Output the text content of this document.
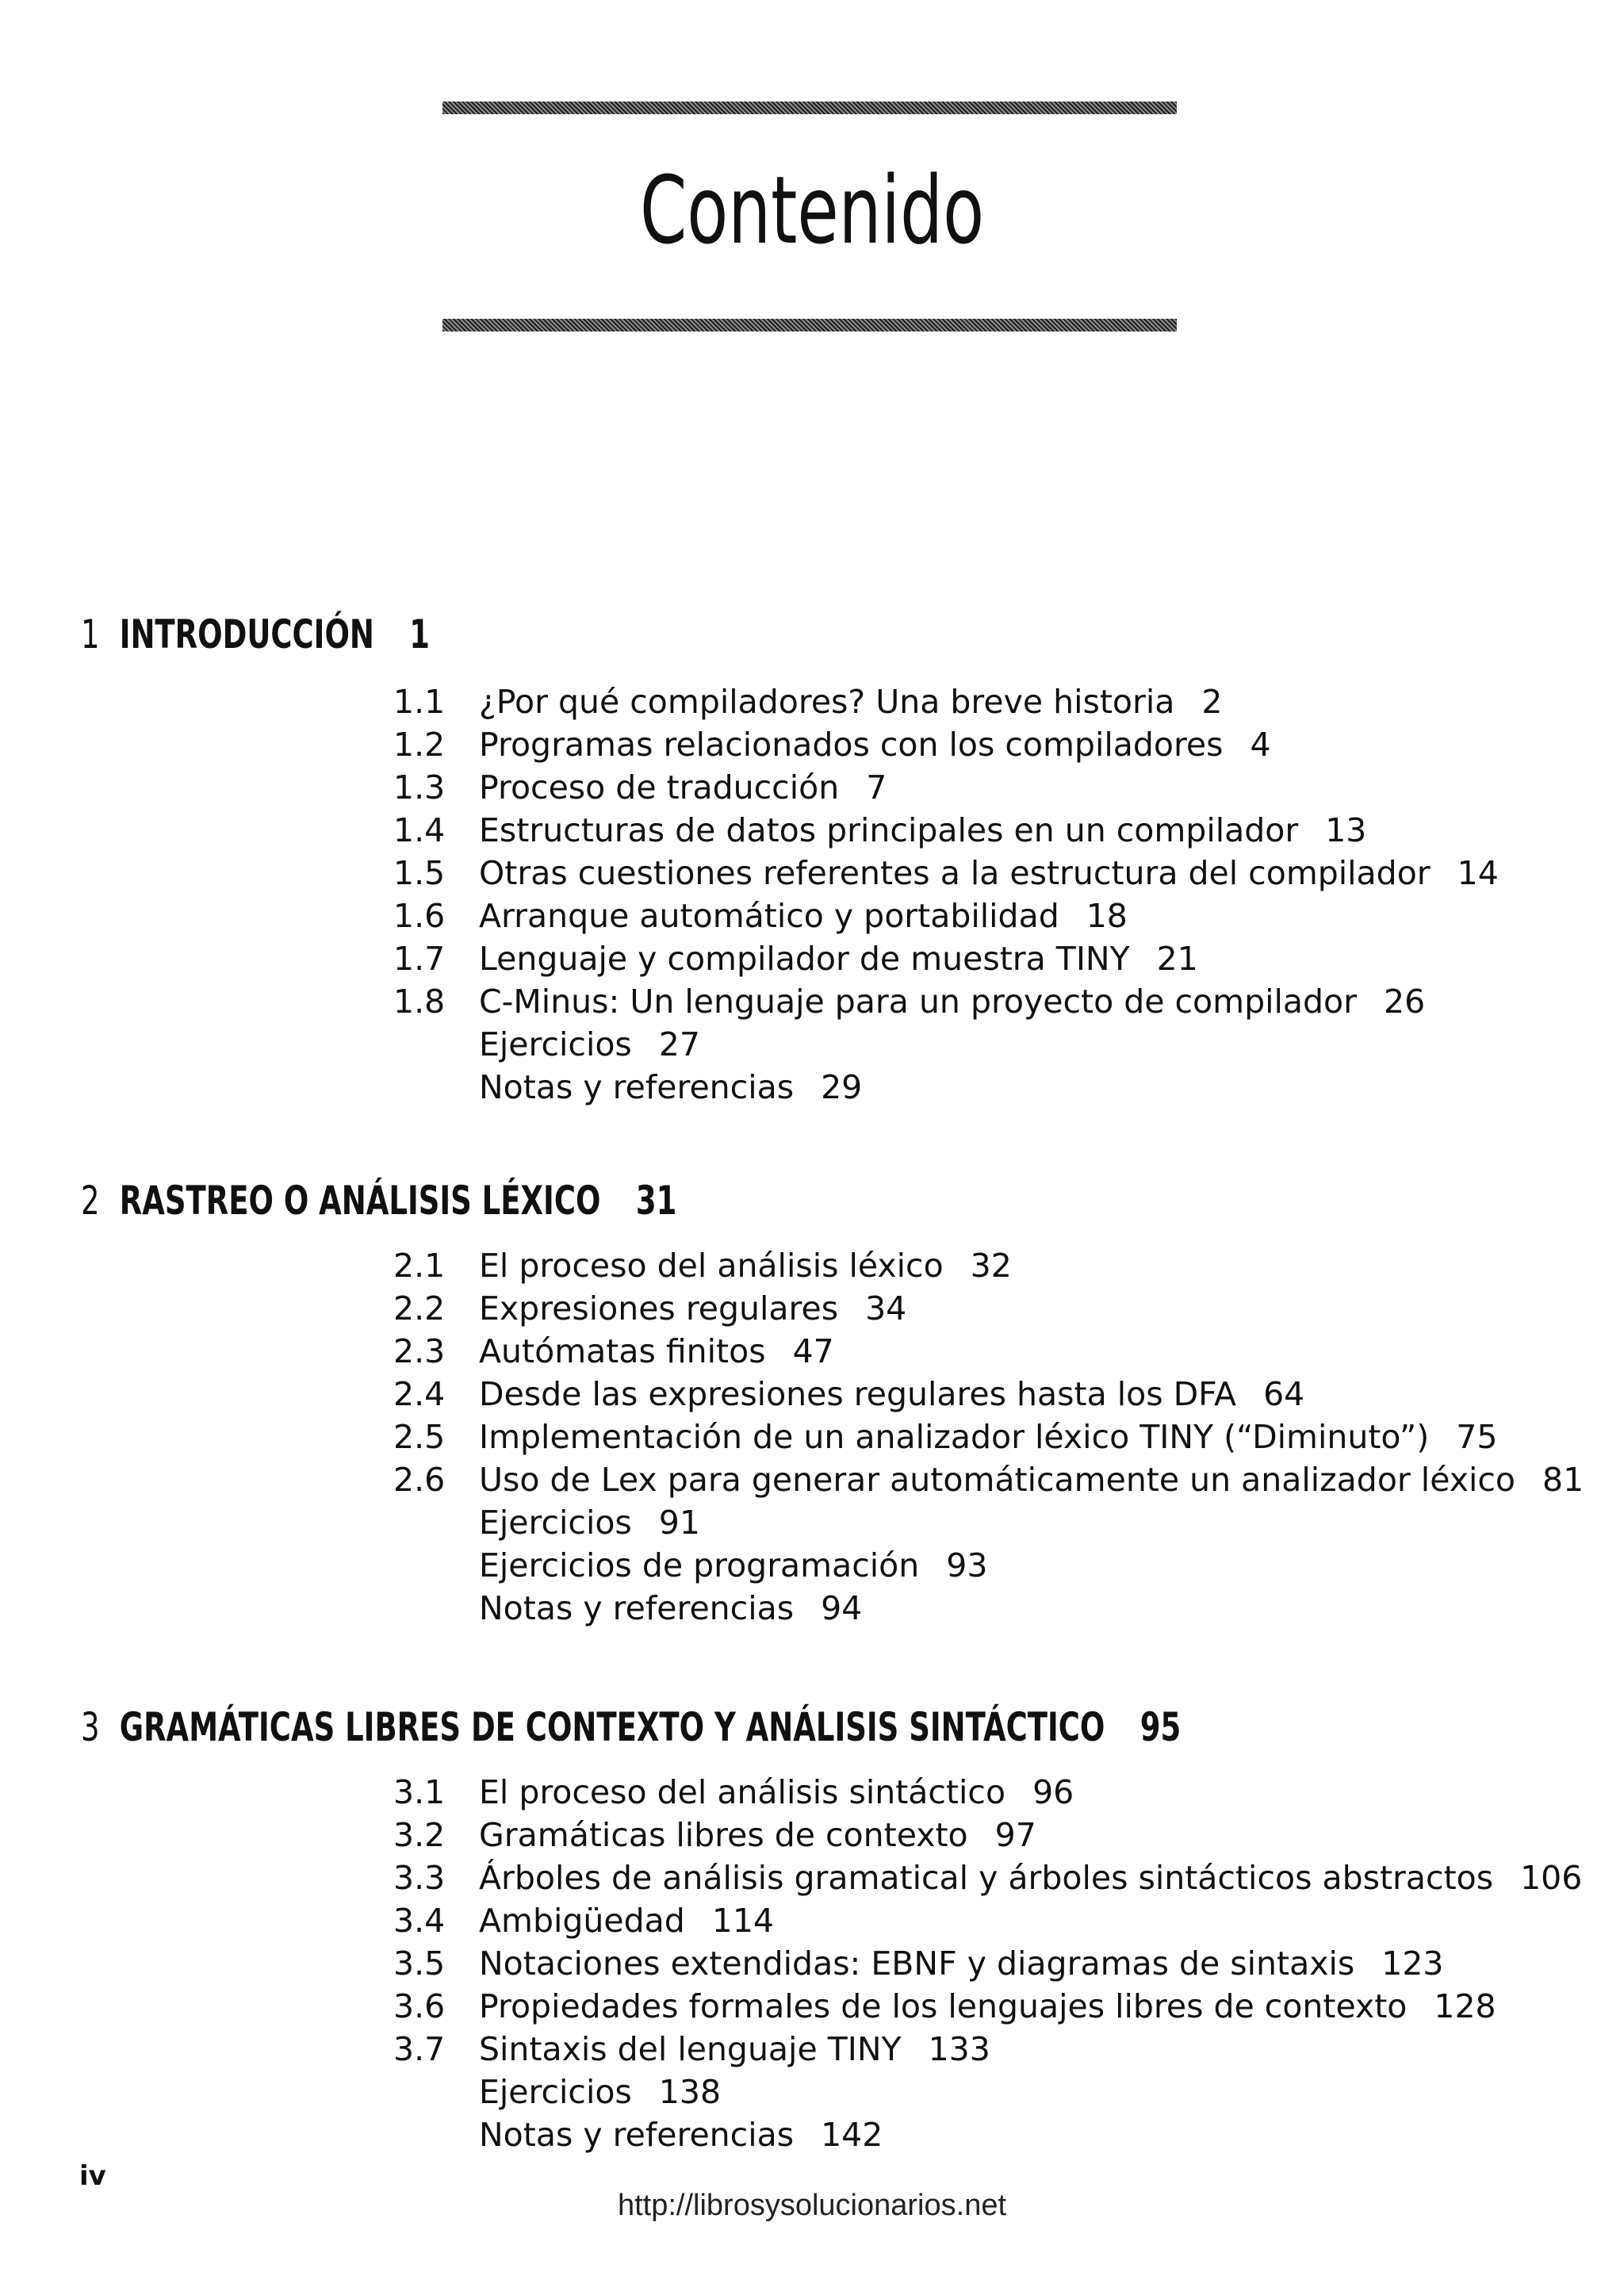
Contenido
1 INTRODUCCIÓN 1
1.1 ¿Por qué compiladores? Una breve historia 2
1.2 Programas relacionados con los compiladores 4
1.3 Proceso de traducción 7
1.4 Estructuras de datos principales en un compilador 13
1.5 Otras cuestiones referentes a la estructura del compilador 14
1.6 Arranque automático y portabilidad 18
1.7 Lenguaje y compilador de muestra TINY 21
1.8 C-Minus: Un lenguaje para un proyecto de compilador 26
Ejercicios 27
Notas y referencias 29
2 RASTREO O ANÁLISIS LÉXICO 31
2.1 El proceso del análisis léxico 32
2.2 Expresiones regulares 34
2.3 Autómatas finitos 47
2.4 Desde las expresiones regulares hasta los DFA 64
2.5 Implementación de un analizador léxico TINY (“Diminuto”) 75
2.6 Uso de Lex para generar automáticamente un analizador léxico 81
Ejercicios 91
Ejercicios de programación 93
Notas y referencias 94
3 GRAMÁTICAS LIBRES DE CONTEXTO Y ANÁLISIS SINTÁCTICO 95
3.1 El proceso del análisis sintáctico 96
3.2 Gramáticas libres de contexto 97
3.3 Árboles de análisis gramatical y árboles sintácticos abstractos 106
3.4 Ambigüedad 114
3.5 Notaciones extendidas: EBNF y diagramas de sintaxis 123
3.6 Propiedades formales de los lenguajes libres de contexto 128
3.7 Sintaxis del lenguaje TINY 133
Ejercicios 138
Notas y referencias 142
iv
http://librosysolucionarios.net
